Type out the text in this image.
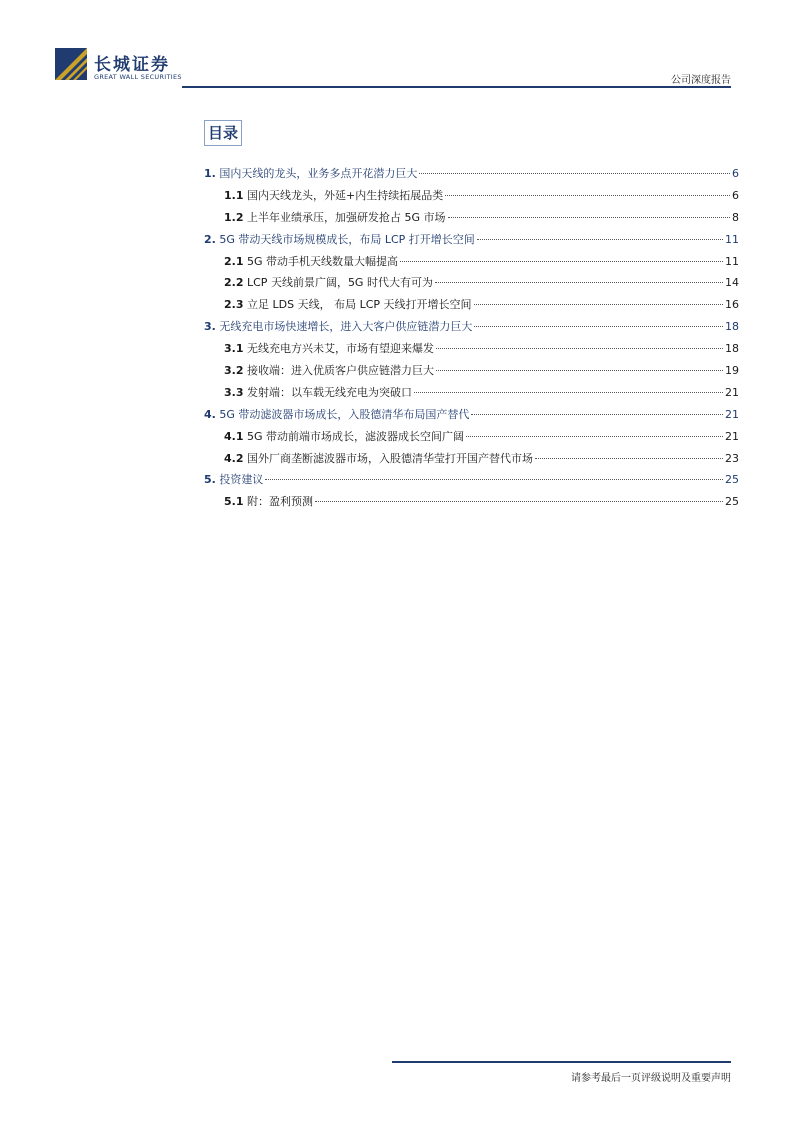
长城证券
GREAT WALL SECURITIES	公司深度报告
目录
1. 国内天线的龙头，业务多点开花潜力巨大	6
1.1 国内天线龙头，外延+内生持续拓展品类	6
1.2 上半年业绩承压，加强研发抢占 5G 市场	8
2. 5G 带动天线市场规模成长，布局 LCP 打开增长空间	11
2.1 5G 带动手机天线数量大幅提高	11
2.2 LCP 天线前景广阔，5G 时代大有可为	14
2.3 立足 LDS 天线， 布局 LCP 天线打开增长空间	16
3. 无线充电市场快速增长，进入大客户供应链潜力巨大	18
3.1 无线充电方兴未艾，市场有望迎来爆发	18
3.2 接收端：进入优质客户供应链潜力巨大	19
3.3 发射端：以车载无线充电为突破口	21
4. 5G 带动滤波器市场成长，入股德清华布局国产替代	21
4.1 5G 带动前端市场成长，滤波器成长空间广阔	21
4.2 国外厂商垄断滤波器市场，入股德清华莹打开国产替代市场	23
5. 投资建议	25
5.1 附：盈利预测	25
请参考最后一页评级说明及重要声明
